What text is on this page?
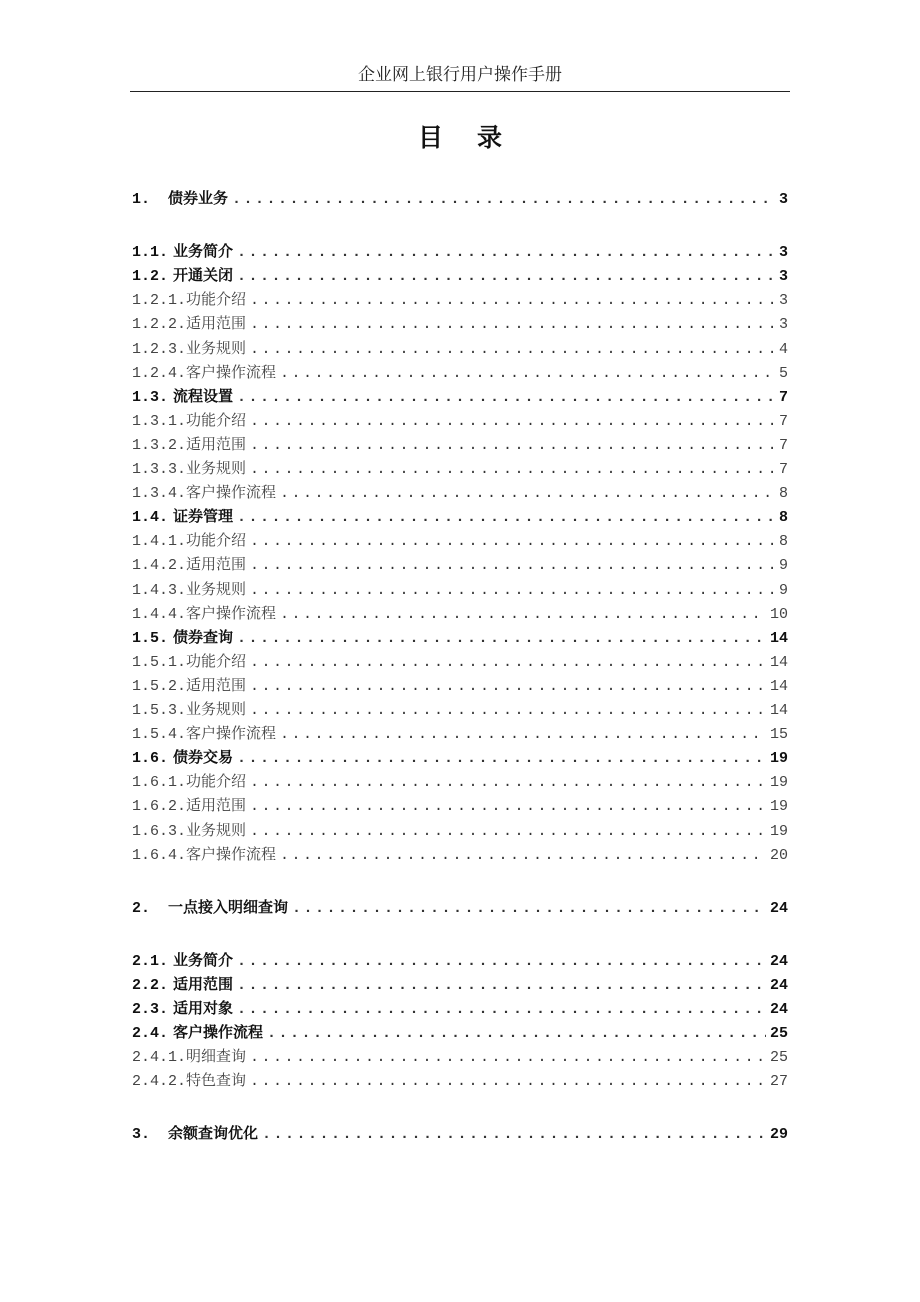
企业网上银行用户操作手册
目录
1.	债券业务 .....	3
1.1. 业务简介 .....	3
1.2. 开通关闭 .....	3
1.2.1. 功能介绍 .....	3
1.2.2. 适用范围 .....	3
1.2.3. 业务规则 .....	4
1.2.4. 客户操作流程 .....	5
1.3. 流程设置 .....	7
1.3.1. 功能介绍 .....	7
1.3.2. 适用范围 .....	7
1.3.3. 业务规则 .....	7
1.3.4. 客户操作流程 .....	8
1.4. 证券管理 .....	8
1.4.1. 功能介绍 .....	8
1.4.2. 适用范围 .....	9
1.4.3. 业务规则 .....	9
1.4.4. 客户操作流程 .....	10
1.5. 债券查询 .....	14
1.5.1. 功能介绍 .....	14
1.5.2. 适用范围 .....	14
1.5.3. 业务规则 .....	14
1.5.4. 客户操作流程 .....	15
1.6. 债券交易 .....	19
1.6.1. 功能介绍 .....	19
1.6.2. 适用范围 .....	19
1.6.3. 业务规则 .....	19
1.6.4. 客户操作流程 .....	20
2.	一点接入明细查询 .....	24
2.1. 业务简介 .....	24
2.2. 适用范围 .....	24
2.3. 适用对象 .....	24
2.4. 客户操作流程 .....	25
2.4.1. 明细查询 .....	25
2.4.2. 特色查询 .....	27
3.	余额查询优化 .....	29
